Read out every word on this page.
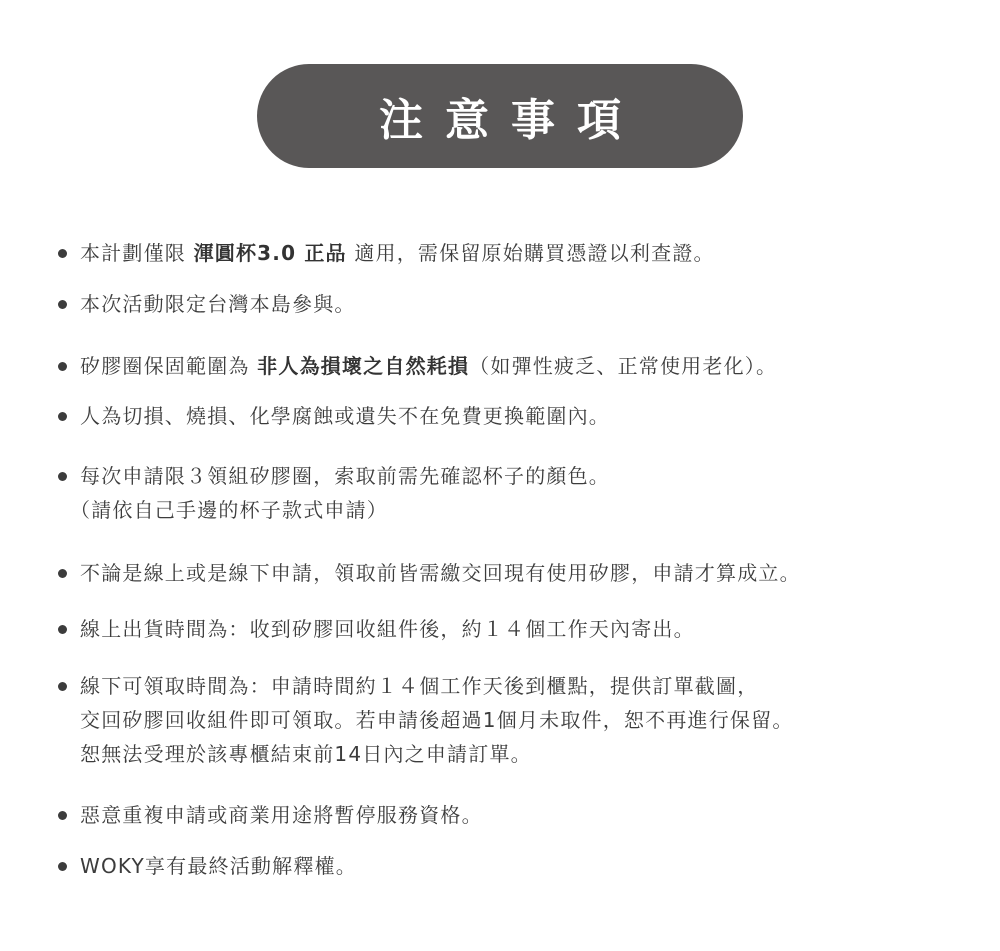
注意事項
本計劃僅限 渾圓杯3.0 正品 適用，需保留原始購買憑證以利查證。
本次活動限定台灣本島參與。
矽膠圈保固範圍為 非人為損壞之自然耗損（如彈性疲乏、正常使用老化）。
人為切損、燒損、化學腐蝕或遺失不在免費更換範圍內。
每次申請限３領組矽膠圈，索取前需先確認杯子的顏色。
（請依自己手邊的杯子款式申請）
不論是線上或是線下申請，領取前皆需繳交回現有使用矽膠，申請才算成立。
線上出貨時間為：收到矽膠回收組件後，約１４個工作天內寄出。
線下可領取時間為：申請時間約１４個工作天後到櫃點，提供訂單截圖，
交回矽膠回收組件即可領取。若申請後超過1個月未取件，恕不再進行保留。
恕無法受理於該專櫃結束前14日內之申請訂單。
惡意重複申請或商業用途將暫停服務資格。
WOKY享有最終活動解釋權。
